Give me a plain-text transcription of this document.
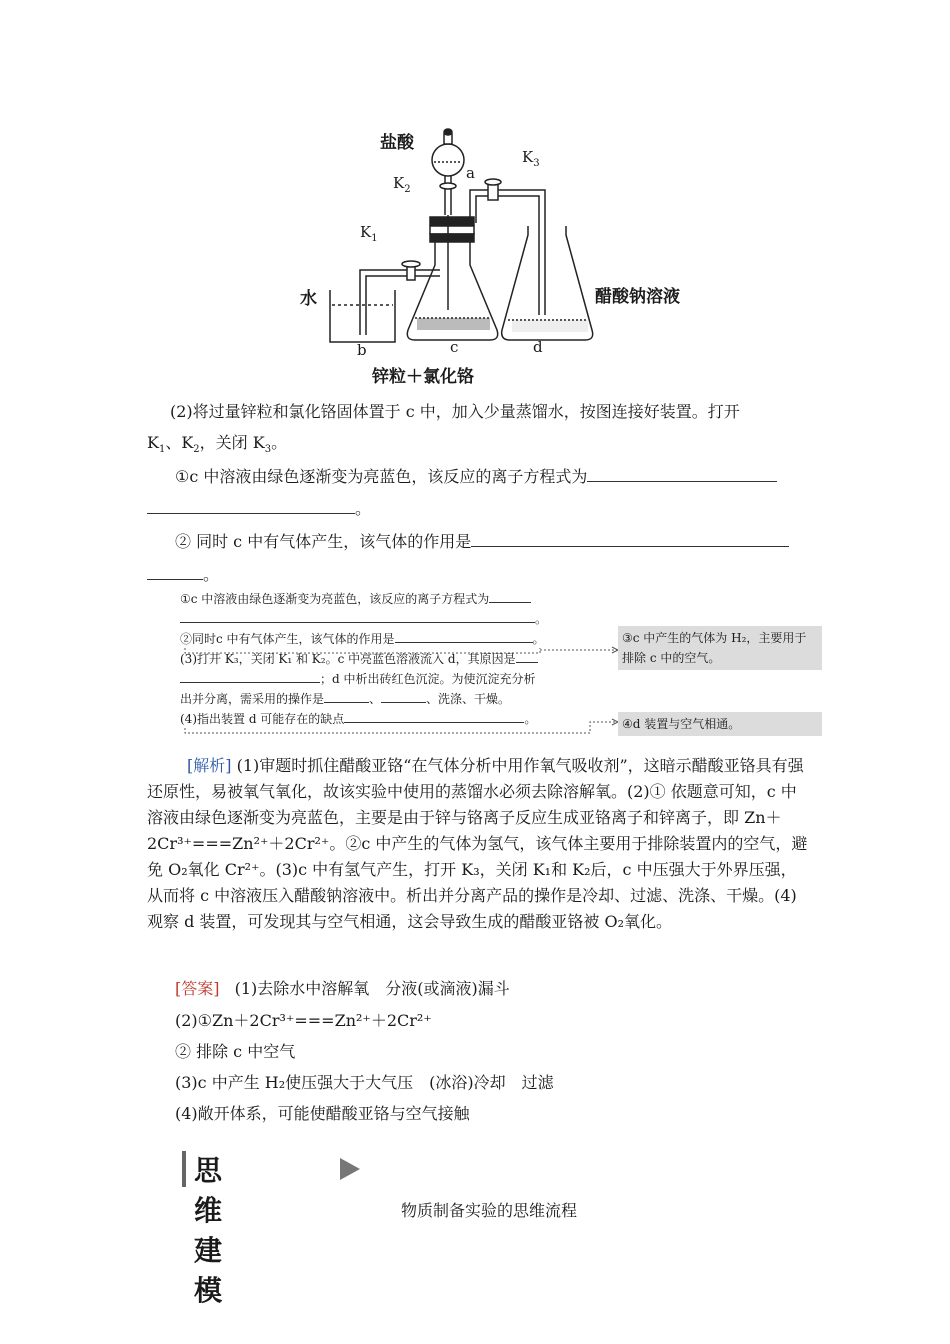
盐酸
a
$K_3$
$K_2$
$K_1$
水
b	c	d
醋酸钠溶液
锌粒＋氯化铬
(2)将过量锌粒和氯化铬固体置于 c 中，加入少量蒸馏水，按图连接好装置。打开
$K_1$、$K_2$，关闭 $K_3$。
①c 中溶液由绿色逐渐变为亮蓝色，该反应的离子方程式为
。
② 同时 c 中有气体产生，该气体的作用是
。
①c 中溶液由绿色逐渐变为亮蓝色，该反应的离子方程式为
。
②同时c 中有气体产生，该气体的作用是	。
(3)打开 K₃，关闭 K₁ 和 K₂。c 中亮蓝色溶液流入 d，其原因是
；d 中析出砖红色沉淀。为使沉淀充分析
出并分离，需采用的操作是	、	、洗涤、干燥。
(4)指出装置 d 可能存在的缺点	。
③c 中产生的气体为 H₂，主要用于
排除 c 中的空气。
④d 装置与空气相通。
[解析] (1)审题时抓住醋酸亚铬“在气体分析中用作氧气吸收剂”，这暗示醋酸亚铬具有强还原性，易被氧气氧化，故该实验中使用的蒸馏水必须去除溶解氧。(2)① 依题意可知，c 中溶液由绿色逐渐变为亮蓝色，主要是由于锌与铬离子反应生成亚铬离子和锌离子，即 Zn＋2Cr³⁺===Zn²⁺＋2Cr²⁺。②c 中产生的气体为氢气，该气体主要用于排除装置内的空气，避免 O₂氧化 Cr²⁺。(3)c 中有氢气产生，打开 K₃，关闭 K₁和 K₂后，c 中压强大于外界压强，从而将 c 中溶液压入醋酸钠溶液中。析出并分离产品的操作是冷却、过滤、洗涤、干燥。(4)观察 d 装置，可发现其与空气相通，这会导致生成的醋酸亚铬被 O₂氧化。
[答案] (1)去除水中溶解氧　分液(或滴液)漏斗
(2)①Zn＋2Cr³⁺===Zn²⁺＋2Cr²⁺
② 排除 c 中空气
(3)c 中产生 H₂使压强大于大气压　(冰浴)冷却　过滤
(4)敞开体系，可能使醋酸亚铬与空气接触
思维建模
物质制备实验的思维流程
